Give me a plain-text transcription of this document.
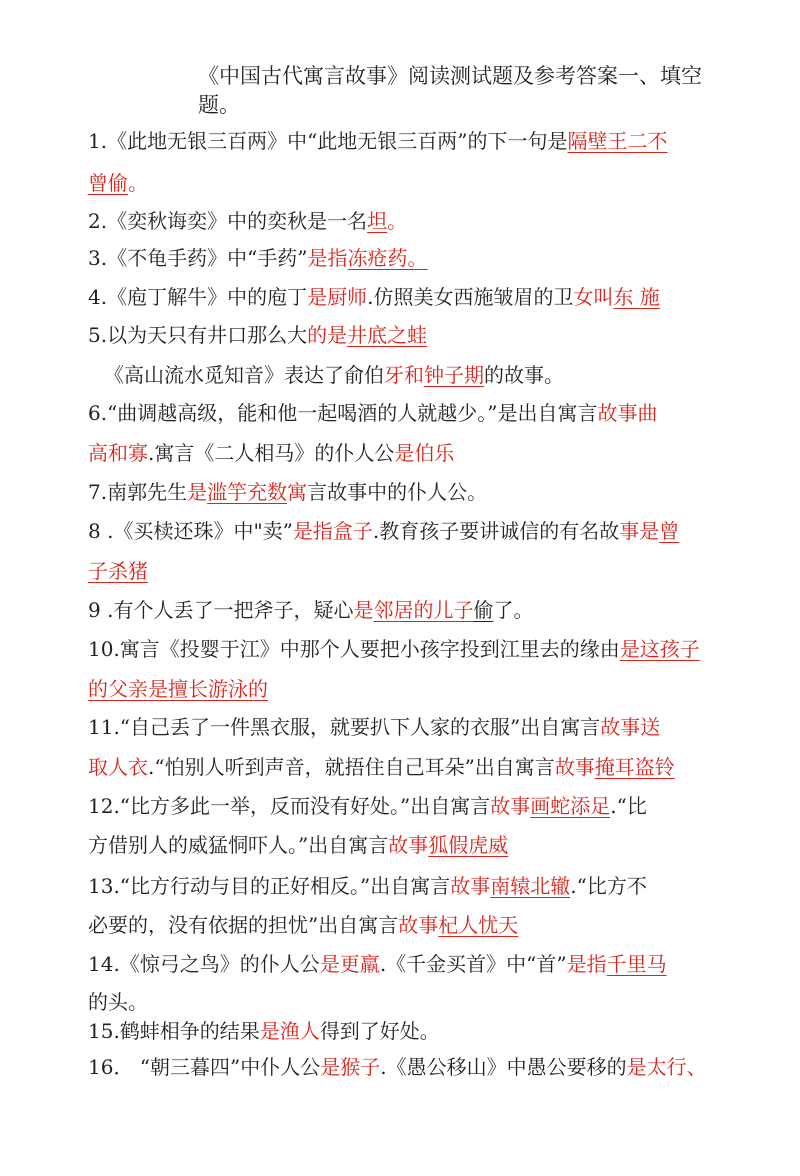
《中国古代寓言故事》阅读测试题及参考答案一、填空题。
1.《此地无银三百两》中“此地无银三百两”的下一句是隔壁王二不
曾偷。
2.《奕秋诲奕》中的奕秋是一名坦。
3.《不龟手药》中“手药”是指冻疮药。
4.《庖丁解牛》中的庖丁是厨师.仿照美女西施皱眉的卫女叫东 施
5.以为天只有井口那么大的是井底之蛙
《高山流水觅知音》表达了俞伯牙和钟子期的故事。
6.“曲调越高级，能和他一起喝酒的人就越少。”是出自寓言故事曲
高和寡.寓言《二人相马》的仆人公是伯乐
7.南郭先生是滥竽充数寓言故事中的仆人公。
8 .《买椟还珠》中"卖”是指盒子.教育孩子要讲诚信的有名故事是曾
子杀猪
9 .有个人丢了一把斧子，疑心是邻居的儿子偷了。
10.寓言《投婴于江》中那个人要把小孩字投到江里去的缘由是这孩子
的父亲是擅长游泳的
11.“自己丢了一件黑衣服，就要扒下人家的衣服”出自寓言故事送
取人衣.“怕别人听到声音，就捂住自己耳朵”出自寓言故事掩耳盗铃
12.“比方多此一举，反而没有好处。”出自寓言故事画蛇添足.“比
方借别人的威猛恫吓人。”出自寓言故事狐假虎威
13.“比方行动与目的正好相反。”出自寓言故事南辕北辙.“比方不
必要的，没有依据的担忧”出自寓言故事杞人忧天
14.《惊弓之鸟》的仆人公是更羸.《千金买首》中“首”是指千里马
的头。
15.鹤蚌相争的结果是渔人得到了好处。
16． “朝三暮四”中仆人公是猴子.《愚公移山》中愚公要移的是太行、
